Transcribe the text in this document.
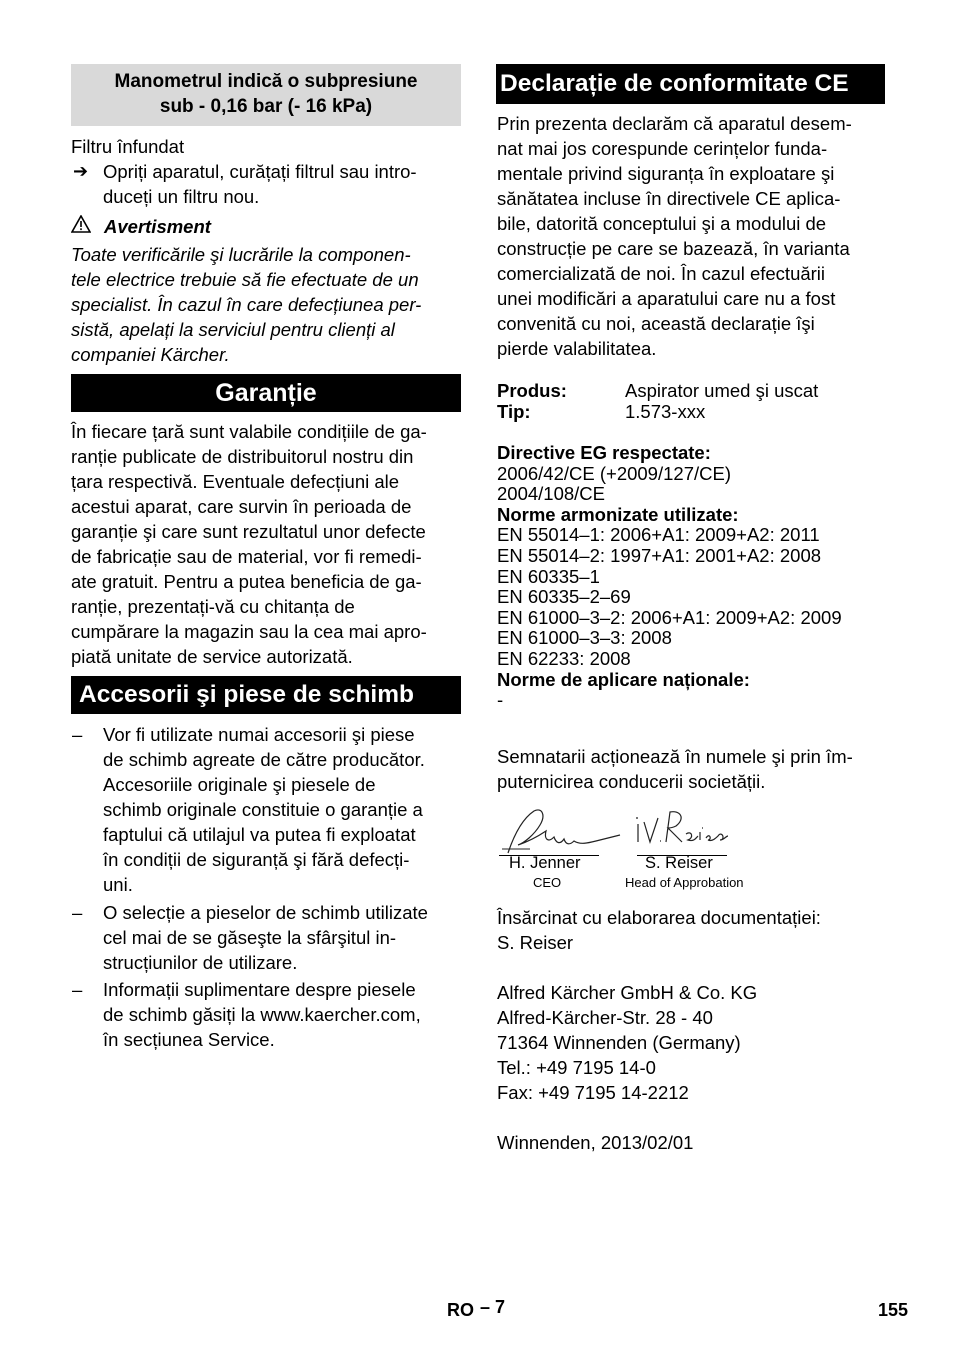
Manometrul indică o subpresiune
sub - 0,16 bar (- 16 kPa)
Filtru înfundat
➔ Opriți aparatul, curățați filtrul sau intro-
duceți un filtru nou.
Avertisment
Toate verificările şi lucrările la componen-
tele electrice trebuie să fie efectuate de un
specialist. În cazul în care defecțiunea per-
sistă, apelați la serviciul pentru clienți al
companiei Kärcher.
Garanție
În fiecare țară sunt valabile condițiile de ga-
ranție publicate de distribuitorul nostru din
țara respectivă. Eventuale defecțiuni ale
acestui aparat, care survin în perioada de
garanție şi care sunt rezultatul unor defecte
de fabricație sau de material, vor fi remedi-
ate gratuit. Pentru a putea beneficia de ga-
ranție, prezentați-vă cu chitanța de
cumpărare la magazin sau la cea mai apro-
piată unitate de service autorizată.
Accesorii şi piese de schimb
– Vor fi utilizate numai accesorii şi piese
de schimb agreate de către producător.
Accesoriile originale şi piesele de
schimb originale constituie o garanție a
faptului că utilajul va putea fi exploatat
în condiții de siguranță şi fără defecți-
uni.
– O selecție a pieselor de schimb utilizate
cel mai de se găseşte la sfârşitul in-
strucțiunilor de utilizare.
– Informații suplimentare despre piesele
de schimb găsiți la www.kaercher.com,
în secțiunea Service.
Declarație de conformitate CE
Prin prezenta declarăm că aparatul desem-
nat mai jos corespunde cerințelor funda-
mentale privind siguranța în exploatare şi
sănătatea incluse în directivele CE aplica-
bile, datorită conceptului şi a modului de
construcție pe care se bazează, în varianta
comercializată de noi. În cazul efectuării
unei modificări a aparatului care nu a fost
convenită cu noi, această declarație îşi
pierde valabilitatea.
Produs:	Aspirator umed şi uscat
Tip:	1.573-xxx
Directive EG respectate:
2006/42/CE (+2009/127/CE)
2004/108/CE
Norme armonizate utilizate:
EN 55014–1: 2006+A1: 2009+A2: 2011
EN 55014–2: 1997+A1: 2001+A2: 2008
EN 60335–1
EN 60335–2–69
EN 61000–3–2: 2006+A1: 2009+A2: 2009
EN 61000–3–3: 2008
EN 62233: 2008
Norme de aplicare naționale:
-
Semnatarii acționează în numele şi prin îm-
puternicirea conducerii societății.
H. Jenner
CEO
S. Reiser
Head of Approbation
Însărcinat cu elaborarea documentației:
S. Reiser
Alfred Kärcher GmbH & Co. KG
Alfred-Kärcher-Str. 28 - 40
71364 Winnenden (Germany)
Tel.: +49 7195 14-0
Fax: +49 7195 14-2212
Winnenden, 2013/02/01
RO – 7	155
